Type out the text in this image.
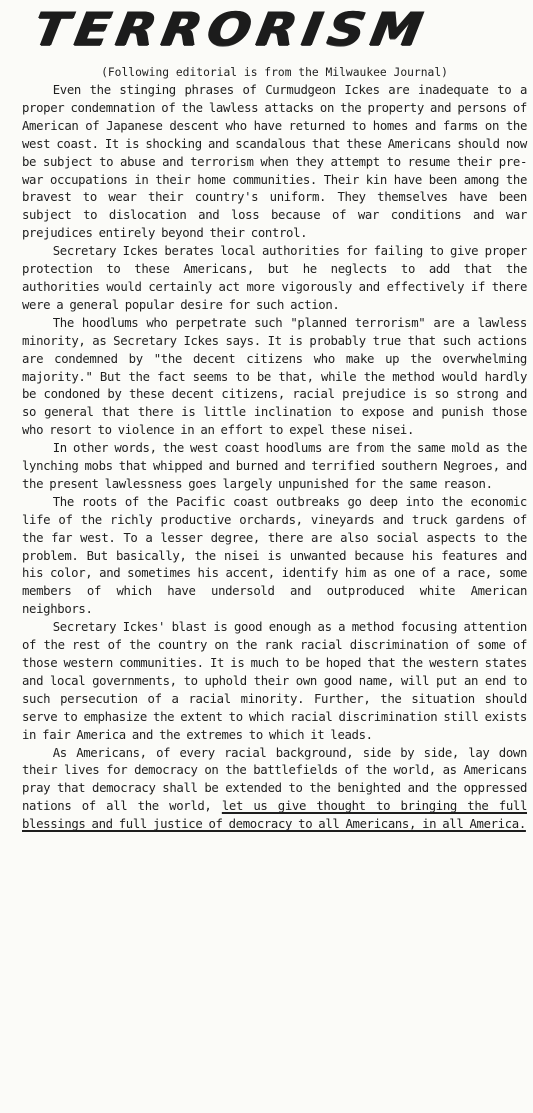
TERRORISM

(Following editorial is from the Milwaukee Journal)

Even the stinging phrases of Curmudgeon Ickes are inadequate to a proper condemnation of the lawless attacks on the property and persons of American of Japanese descent who have returned to homes and farms on the west coast. It is shocking and scandalous that these Americans should now be subject to abuse and terrorism when they attempt to resume their pre-war occupations in their home communities. Their kin have been among the bravest to wear their country's uniform. They themselves have been subject to dislocation and loss because of war conditions and war prejudices entirely beyond their control.

Secretary Ickes berates local authorities for failing to give proper protection to these Americans, but he neglects to add that the authorities would certainly act more vigorously and effectively if there were a general popular desire for such action.

The hoodlums who perpetrate such "planned terrorism" are a lawless minority, as Secretary Ickes says. It is probably true that such actions are condemned by "the decent citizens who make up the overwhelming majority." But the fact seems to be that, while the method would hardly be condoned by these decent citizens, racial prejudice is so strong and so general that there is little inclination to expose and punish those who resort to violence in an effort to expel these nisei.

In other words, the west coast hoodlums are from the same mold as the lynching mobs that whipped and burned and terrified southern Negroes, and the present lawlessness goes largely unpunished for the same reason.

The roots of the Pacific coast outbreaks go deep into the economic life of the richly productive orchards, vineyards and truck gardens of the far west. To a lesser degree, there are also social aspects to the problem. But basically, the nisei is unwanted because his features and his color, and sometimes his accent, identify him as one of a race, some members of which have undersold and outproduced white American neighbors.

Secretary Ickes' blast is good enough as a method focusing attention of the rest of the country on the rank racial discrimination of some of those western communities. It is much to be hoped that the western states and local governments, to uphold their own good name, will put an end to such persecution of a racial minority. Further, the situation should serve to emphasize the extent to which racial discrimination still exists in fair America and the extremes to which it leads.

As Americans, of every racial background, side by side, lay down their lives for democracy on the battlefields of the world, as Americans pray that democracy shall be extended to the benighted and the oppressed nations of all the world, let us give thought to bringing the full blessings and full justice of democracy to all Americans, in all America.
